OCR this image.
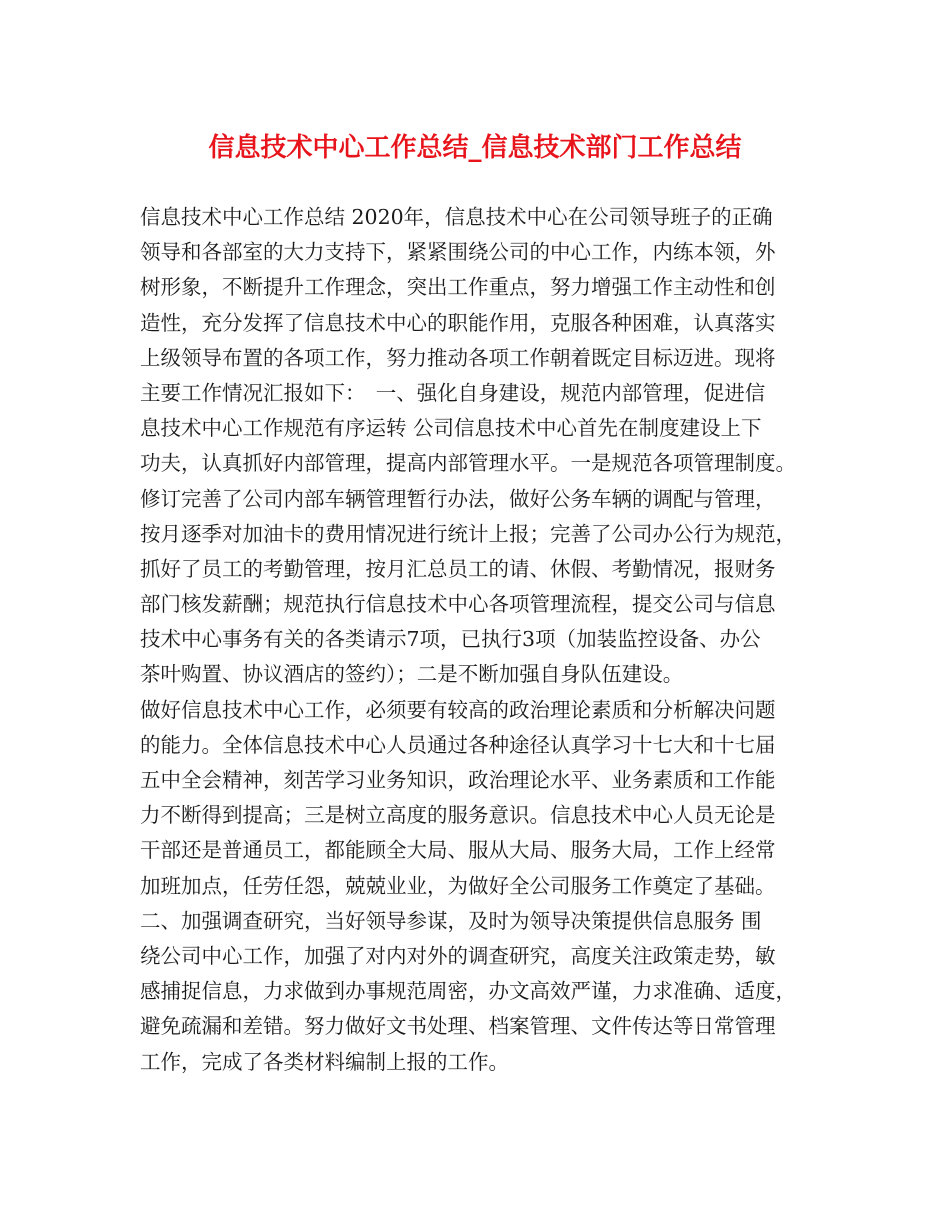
信息技术中心工作总结_信息技术部门工作总结
信息技术中心工作总结 2020年，信息技术中心在公司领导班子的正确
领导和各部室的大力支持下，紧紧围绕公司的中心工作，内练本领，外
树形象，不断提升工作理念，突出工作重点，努力增强工作主动性和创
造性，充分发挥了信息技术中心的职能作用，克服各种困难，认真落实
上级领导布置的各项工作，努力推动各项工作朝着既定目标迈进。现将
主要工作情况汇报如下：　一、强化自身建设，规范内部管理，促进信
息技术中心工作规范有序运转 公司信息技术中心首先在制度建设上下
功夫，认真抓好内部管理，提高内部管理水平。一是规范各项管理制度。
修订完善了公司内部车辆管理暂行办法，做好公务车辆的调配与管理，
按月逐季对加油卡的费用情况进行统计上报；完善了公司办公行为规范，
抓好了员工的考勤管理，按月汇总员工的请、休假、考勤情况，报财务
部门核发薪酬；规范执行信息技术中心各项管理流程，提交公司与信息
技术中心事务有关的各类请示7项，已执行3项（加装监控设备、办公
茶叶购置、协议酒店的签约）；二是不断加强自身队伍建设。
做好信息技术中心工作，必须要有较高的政治理论素质和分析解决问题
的能力。全体信息技术中心人员通过各种途径认真学习十七大和十七届
五中全会精神，刻苦学习业务知识，政治理论水平、业务素质和工作能
力不断得到提高；三是树立高度的服务意识。信息技术中心人员无论是
干部还是普通员工，都能顾全大局、服从大局、服务大局，工作上经常
加班加点，任劳任怨，兢兢业业，为做好全公司服务工作奠定了基础。
二、加强调查研究，当好领导参谋，及时为领导决策提供信息服务 围
绕公司中心工作，加强了对内对外的调查研究，高度关注政策走势，敏
感捕捉信息，力求做到办事规范周密，办文高效严谨，力求准确、适度，
避免疏漏和差错。努力做好文书处理、档案管理、文件传达等日常管理
工作，完成了各类材料编制上报的工作。
